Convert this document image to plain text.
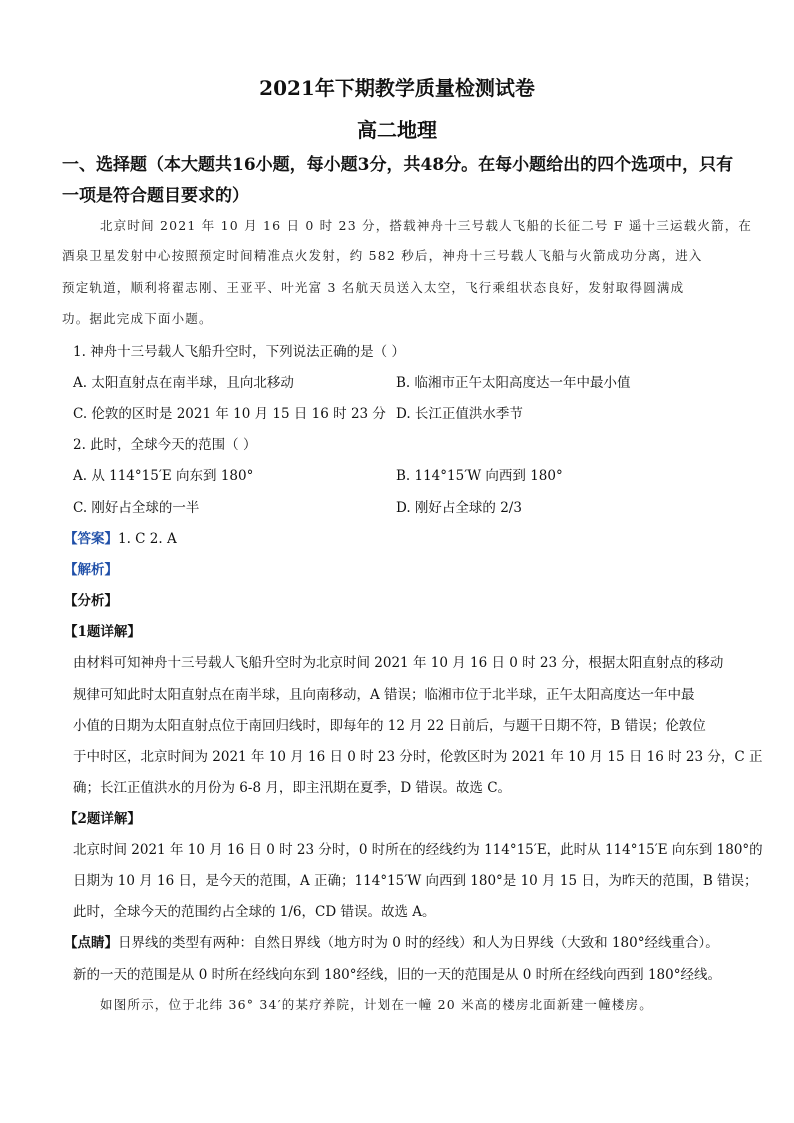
2021年下期教学质量检测试卷
高二地理
一、选择题（本大题共16小题，每小题3分，共48分。在每小题给出的四个选项中，只有
一项是符合题目要求的）
北京时间 2021 年 10 月 16 日 0 时 23 分，搭载神舟十三号载人飞船的长征二号 F 遥十三运载火箭，在
酒泉卫星发射中心按照预定时间精准点火发射，约 582 秒后，神舟十三号载人飞船与火箭成功分离，进入
预定轨道，顺利将翟志刚、王亚平、叶光富 3 名航天员送入太空，飞行乘组状态良好，发射取得圆满成
功。据此完成下面小题。
1. 神舟十三号载人飞船升空时，下列说法正确的是（ ）
A. 太阳直射点在南半球，且向北移动	B. 临湘市正午太阳高度达一年中最小值
C. 伦敦的区时是 2021 年 10 月 15 日 16 时 23 分 D. 长江正值洪水季节
2. 此时，全球今天的范围（ ）
A. 从 114°15′E 向东到 180°	B. 114°15′W 向西到 180°
C. 刚好占全球的一半	D. 刚好占全球的 2/3
【答案】1. C 2. A
【解析】
【分析】
【1题详解】
由材料可知神舟十三号载人飞船升空时为北京时间 2021 年 10 月 16 日 0 时 23 分，根据太阳直射点的移动
规律可知此时太阳直射点在南半球，且向南移动，A 错误；临湘市位于北半球，正午太阳高度达一年中最
小值的日期为太阳直射点位于南回归线时，即每年的 12 月 22 日前后，与题干日期不符，B 错误；伦敦位
于中时区，北京时间为 2021 年 10 月 16 日 0 时 23 分时，伦敦区时为 2021 年 10 月 15 日 16 时 23 分，C 正
确；长江正值洪水的月份为 6-8 月，即主汛期在夏季，D 错误。故选 C。
【2题详解】
北京时间 2021 年 10 月 16 日 0 时 23 分时，0 时所在的经线约为 114°15′E，此时从 114°15′E 向东到 180°的
日期为 10 月 16 日，是今天的范围，A 正确；114°15′W 向西到 180°是 10 月 15 日，为昨天的范围，B 错误；
此时，全球今天的范围约占全球的 1/6，CD 错误。故选 A。
【点睛】日界线的类型有两种：自然日界线（地方时为 0 时的经线）和人为日界线（大致和 180°经线重合）。
新的一天的范围是从 0 时所在经线向东到 180°经线，旧的一天的范围是从 0 时所在经线向西到 180°经线。
如图所示，位于北纬 36° 34′的某疗养院，计划在一幢 20 米高的楼房北面新建一幢楼房。
